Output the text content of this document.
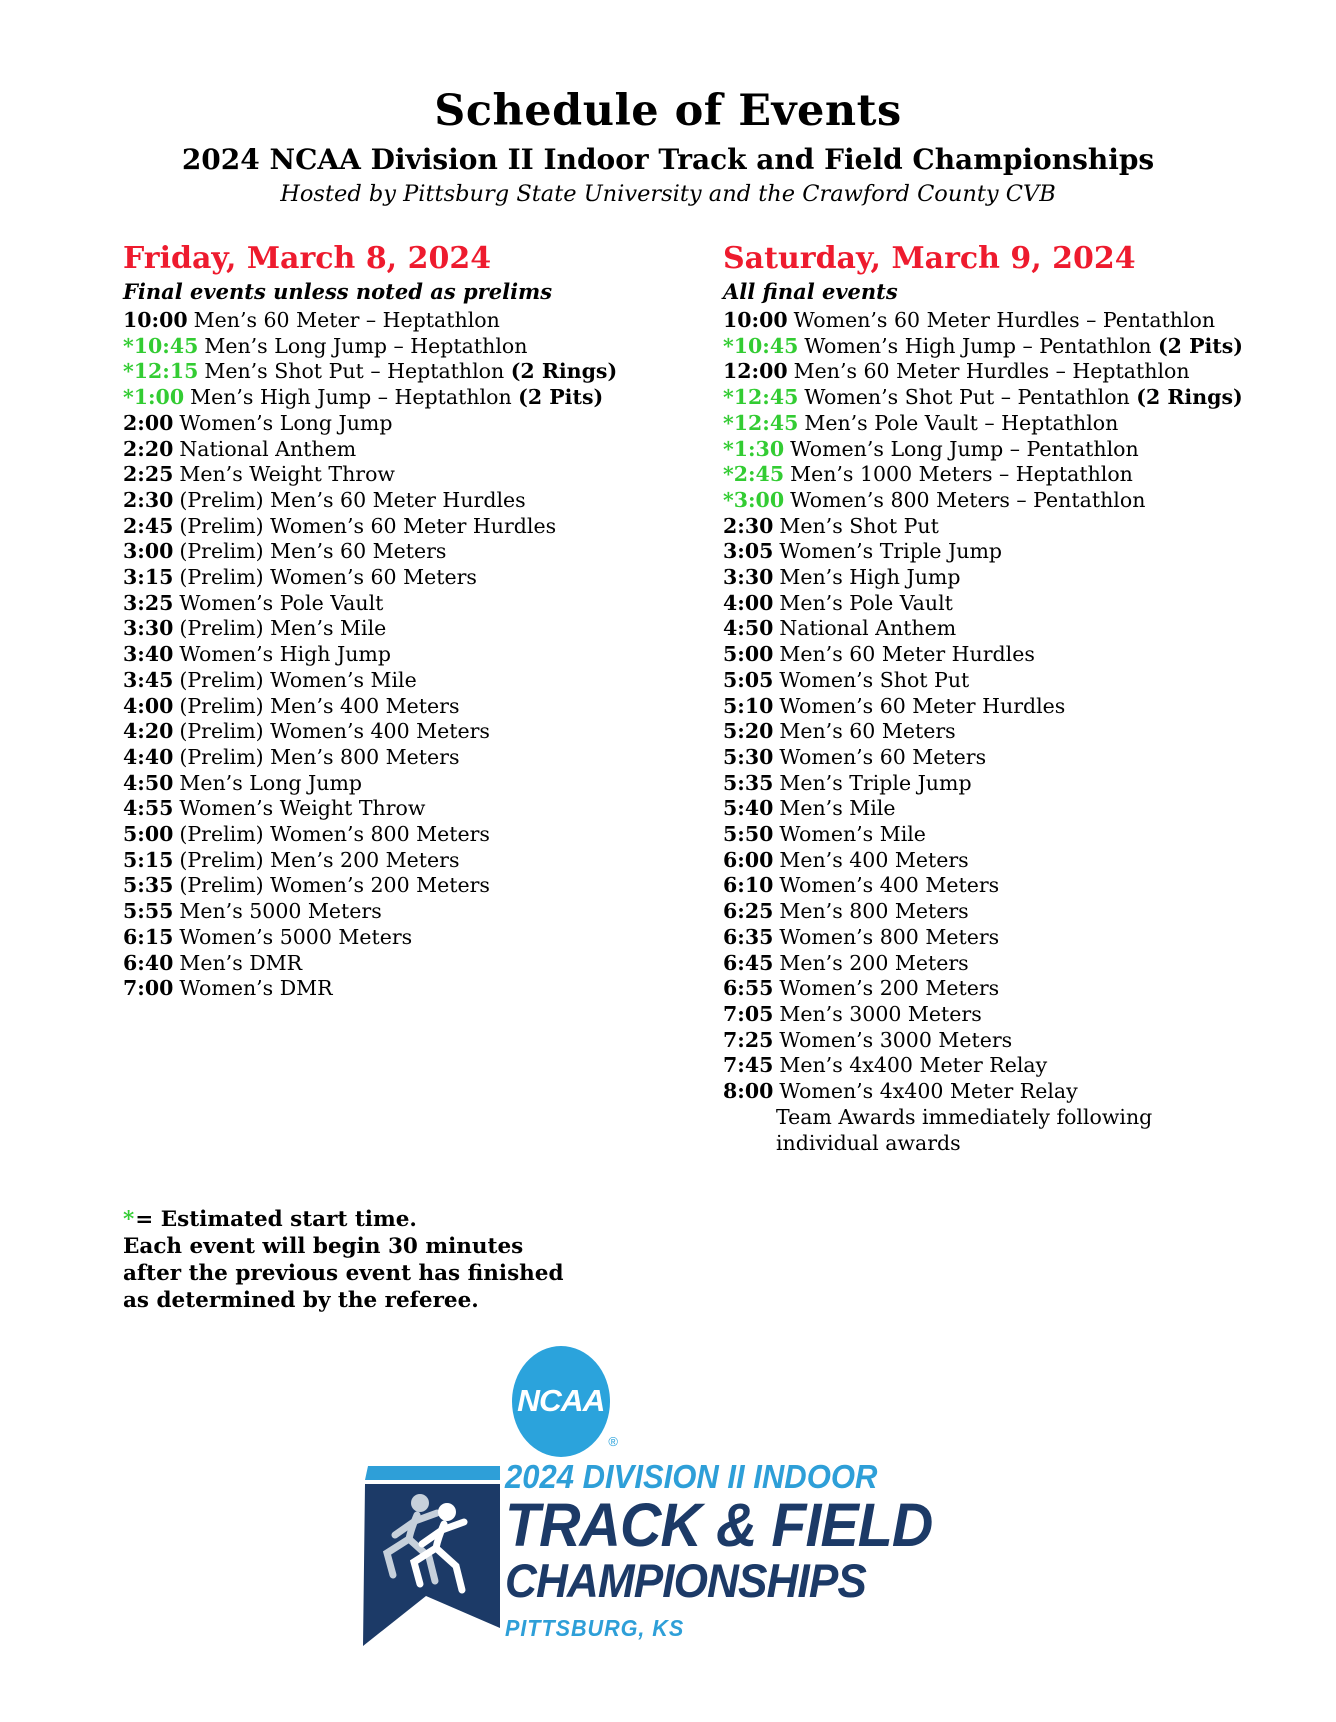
Schedule of Events
2024 NCAA Division II Indoor Track and Field Championships

Hosted by Pittsburg State University and the Crawford County CVB

Friday, March 8, 2024

Final events unless noted as prelims

10:00 Men’s 60 Meter – Heptathlon

*10:45 Men’s Long Jump – Heptathlon

*12:15 Men’s Shot Put – Heptathlon (2 Rings)

*1:00 Men’s High Jump – Heptathlon (2 Pits)

2:00 Women’s Long Jump

2:20 National Anthem

2:25 Men’s Weight Throw

2:30 (Prelim) Men’s 60 Meter Hurdles

2:45 (Prelim) Women’s 60 Meter Hurdles

3:00 (Prelim) Men’s 60 Meters

3:15 (Prelim) Women’s 60 Meters

3:25 Women’s Pole Vault

3:30 (Prelim) Men’s Mile

3:40 Women’s High Jump

3:45 (Prelim) Women’s Mile

4:00 (Prelim) Men’s 400 Meters

4:20 (Prelim) Women’s 400 Meters

4:40 (Prelim) Men’s 800 Meters

4:50 Men’s Long Jump

4:55 Women’s Weight Throw

5:00 (Prelim) Women’s 800 Meters

5:15 (Prelim) Men’s 200 Meters

5:35 (Prelim) Women’s 200 Meters

5:55 Men’s 5000 Meters

6:15 Women’s 5000 Meters

6:40 Men’s DMR

7:00 Women’s DMR

*= Estimated start time.

Each event will begin 30 minutes

after the previous event has finished

as determined by the referee.

Saturday, March 9, 2024

All final events

10:00 Women’s 60 Meter Hurdles – Pentathlon

*10:45 Women’s High Jump – Pentathlon (2 Pits)

12:00 Men’s 60 Meter Hurdles – Heptathlon

*12:45 Women’s Shot Put – Pentathlon (2 Rings)

*12:45 Men’s Pole Vault – Heptathlon

*1:30 Women’s Long Jump – Pentathlon

*2:45 Men’s 1000 Meters – Heptathlon

*3:00 Women’s 800 Meters – Pentathlon

2:30 Men’s Shot Put

3:05 Women’s Triple Jump

3:30 Men’s High Jump

4:00 Men’s Pole Vault

4:50 National Anthem

5:00 Men’s 60 Meter Hurdles

5:05 Women’s Shot Put

5:10 Women’s 60 Meter Hurdles

5:20 Men’s 60 Meters

5:30 Women’s 60 Meters

5:35 Men’s Triple Jump

5:40 Men’s Mile

5:50 Women’s Mile

6:00 Men’s 400 Meters

6:10 Women’s 400 Meters

6:25 Men’s 800 Meters

6:35 Women’s 800 Meters

6:45 Men’s 200 Meters

6:55 Women’s 200 Meters

7:05 Men’s 3000 Meters

7:25 Women’s 3000 Meters

7:45 Men’s 4x400 Meter Relay

8:00 Women’s 4x400 Meter Relay

Team Awards immediately following

individual awards

NCAA
®

2024 DIVISION II INDOOR

TRACK & FIELD

CHAMPIONSHIPS

PITTSBURG, KS
